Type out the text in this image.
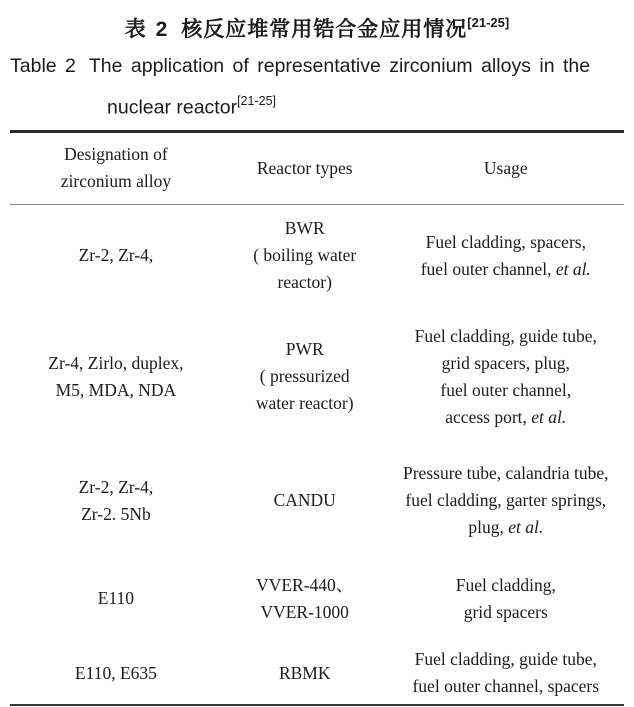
表 2 核反应堆常用锆合金应用情况[21-25]
Table 2 The application of representative zirconium alloys in the
nuclear reactor[21-25]
Designation of
zirconium alloy
Reactor types	Usage
Zr-2, Zr-4,
BWR
( boiling water
reactor)
Fuel cladding, spacers,
fuel outer channel, et al.
Zr-4, Zirlo, duplex,
M5, MDA, NDA
PWR
( pressurized
water reactor)
Fuel cladding, guide tube,
grid spacers, plug,
fuel outer channel,
access port, et al.
Zr-2, Zr-4,
Zr-2. 5Nb
CANDU
Pressure tube, calandria tube,
fuel cladding, garter springs,
plug, et al.
E110
VVER-440、
VVER-1000
Fuel cladding,
grid spacers
E110, E635	RBMK
Fuel cladding, guide tube,
fuel outer channel, spacers
